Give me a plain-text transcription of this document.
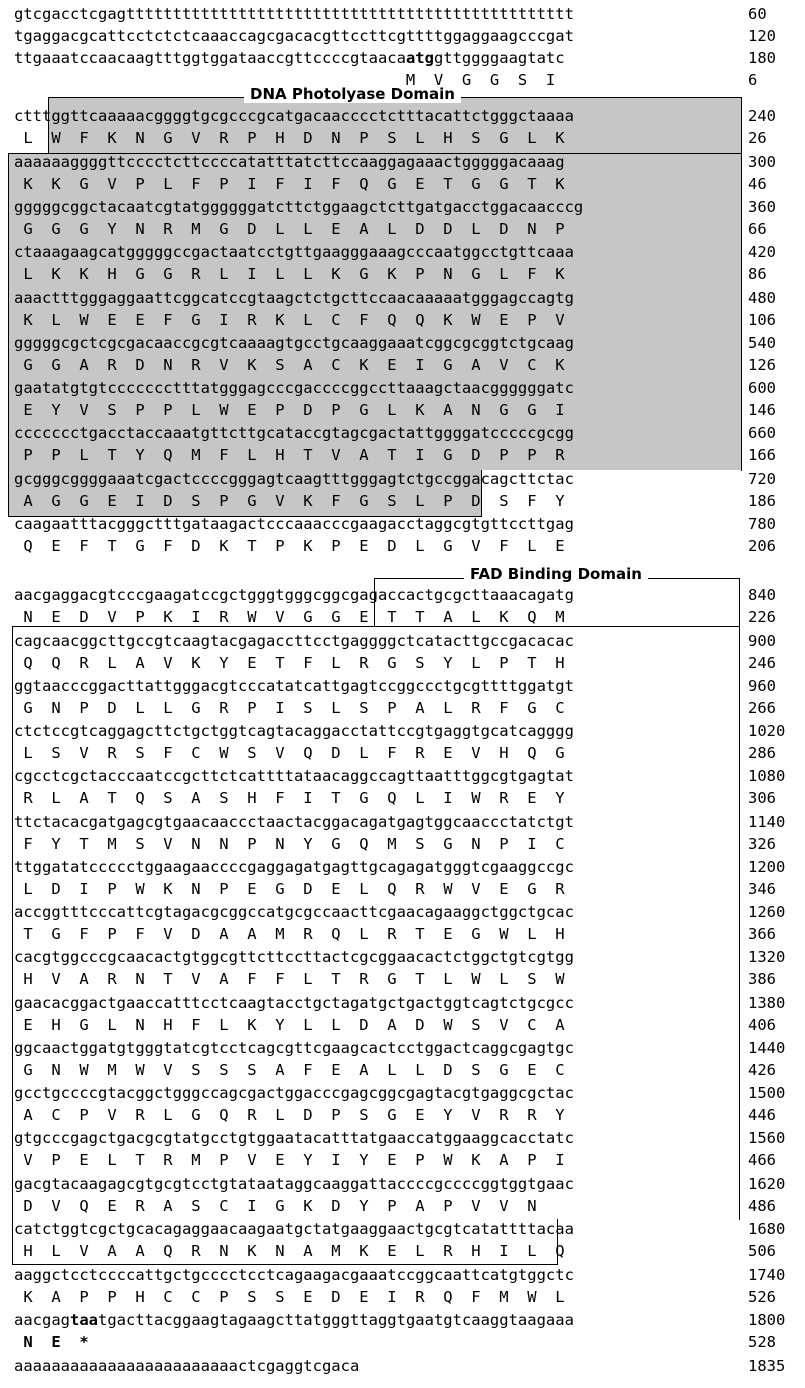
DNA Photolyase Domain
FAD Binding Domain
gtcgacctcgagtttttttttttttttttttttttttttttttttttttttttttttttt	60
tgaggacgcattcctctctcaaaccagcgacacgttccttcgttttggaggaagcccgat	120
ttgaaatccaacaagtttggtggataaccgttccccgtaacaatggttggggaagtatc	180
M  V  G  G  S  I	6
ctttggttcaaaaacggggtgcgcccgcatgacaacccctctttacattctgggctaaaa	240
L  W  F  K  N  G  V  R  P  H  D  N  P  S  L  H  S  G  L  K	26
aaaaaaggggttcccctcttccccatatttatcttccaaggagaaactgggggacaaag	300
K  K  G  V  P  L  F  P  I  F  I  F  Q  G  E  T  G  G  T  K	46
gggggcggctacaatcgtatggggggatcttctggaagctcttgatgacctggacaacccg	360
G  G  G  Y  N  R  M  G  D  L  L  E  A  L  D  D  L  D  N  P	66
ctaaagaagcatgggggccgactaatcctgttgaagggaaagcccaatggcctgttcaaa	420
L  K  K  H  G  G  R  L  I  L  L  K  G  K  P  N  G  L  F  K	86
aaactttgggaggaattcggcatccgtaagctctgcttccaacaaaaatgggagccagtg	480
K  L  W  E  E  F  G  I  R  K  L  C  F  Q  Q  K  W  E  P  V	106
gggggcgctcgcgacaaccgcgtcaaaagtgcctgcaaggaaatcggcgcggtctgcaag	540
G  G  A  R  D  N  R  V  K  S  A  C  K  E  I  G  A  V  C  K	126
gaatatgtgtccccccctttatgggagcccgaccccggccttaaagctaacggggggatc	600
E  Y  V  S  P  P  L  W  E  P  D  P  G  L  K  A  N  G  G  I	146
ccccccctgacctaccaaatgttcttgcataccgtagcgactattggggatcccccgcgg	660
P  P  L  T  Y  Q  M  F  L  H  T  V  A  T  I  G  D  P  P  R	166
gcgggcggggaaatcgactccccgggagtcaagtttgggagtctgccggacagcttctac	720
A  G  G  E  I  D  S  P  G  V  K  F  G  S  L  P  D  S  F  Y	186
caagaatttacgggctttgataagactcccaaacccgaagacctaggcgtgttccttgag	780
Q  E  F  T  G  F  D  K  T  P  K  P  E  D  L  G  V  F  L  E	206
aacgaggacgtcccgaagatccgctgggtgggcggcgagaccactgcgcttaaacagatg	840
N  E  D  V  P  K  I  R  W  V  G  G  E  T  T  A  L  K  Q  M	226
cagcaacggcttgccgtcaagtacgagaccttcctgaggggctcatacttgccgacacac	900
Q  Q  R  L  A  V  K  Y  E  T  F  L  R  G  S  Y  L  P  T  H	246
ggtaacccggacttattgggacgtcccatatcattgagtccggccctgcgttttggatgt	960
G  N  P  D  L  L  G  R  P  I  S  L  S  P  A  L  R  F  G  C	266
ctctccgtcaggagcttctgctggtcagtacaggacctattccgtgaggtgcatcagggg	1020
L  S  V  R  S  F  C  W  S  V  Q  D  L  F  R  E  V  H  Q  G	286
cgcctcgctacccaatccgcttctcattttataacaggccagttaatttggcgtgagtat	1080
R  L  A  T  Q  S  A  S  H  F  I  T  G  Q  L  I  W  R  E  Y	306
ttctacacgatgagcgtgaacaaccctaactacggacagatgagtggcaaccctatctgt	1140
F  Y  T  M  S  V  N  N  P  N  Y  G  Q  M  S  G  N  P  I  C	326
ttggatatccccctggaagaaccccgaggagatgagttgcagagatgggtcgaaggccgc	1200
L  D  I  P  W  K  N  P  E  G  D  E  L  Q  R  W  V  E  G  R	346
accggtttcccattcgtagacgcggccatgcgccaacttcgaacagaaggctggctgcac	1260
T  G  F  P  F  V  D  A  A  M  R  Q  L  R  T  E  G  W  L  H	366
cacgtggcccgcaacactgtggcgttcttccttactcgcggaacactctggctgtcgtgg	1320
H  V  A  R  N  T  V  A  F  F  L  T  R  G  T  L  W  L  S  W	386
gaacacggactgaaccatttcctcaagtacctgctagatgctgactggtcagtctgcgcc	1380
E  H  G  L  N  H  F  L  K  Y  L  L  D  A  D  W  S  V  C  A	406
ggcaactggatgtgggtatcgtcctcagcgttcgaagcactcctggactcaggcgagtgc	1440
G  N  W  M  W  V  S  S  S  A  F  E  A  L  L  D  S  G  E  C	426
gcctgccccgtacggctgggccagcgactggacccgagcggcgagtacgtgaggcgctac	1500
A  C  P  V  R  L  G  Q  R  L  D  P  S  G  E  Y  V  R  R  Y	446
gtgcccgagctgacgcgtatgcctgtggaatacatttatgaaccatggaaggcacctatc	1560
V  P  E  L  T  R  M  P  V  E  Y  I  Y  E  P  W  K  A  P  I	466
gacgtacaagagcgtgcgtcctgtataataggcaaggattaccccgccccggtggtgaac	1620
D  V  Q  E  R  A  S  C  I  G  K  D  Y  P  A  P  V  V  N	486
catctggtcgctgcacagaggaacaagaatgctatgaaggaactgcgtcatattttacaa	1680
H  L  V  A  A  Q  R  N  K  N  A  M  K  E  L  R  H  I  L  Q	506
aaggctcctccccattgctgcccctcctcagaagacgaaatccggcaattcatgtggctc	1740
K  A  P  P  H  C  C  P  S  S  E  D  E  I  R  Q  F  M  W  L	526
aacgagtaatgacttacggaagtagaagcttatgggttaggtgaatgtcaaggtaagaaa	1800
N  E  *	528
aaaaaaaaaaaaaaaaaaaaaaaactcgaggtcgaca	1835
